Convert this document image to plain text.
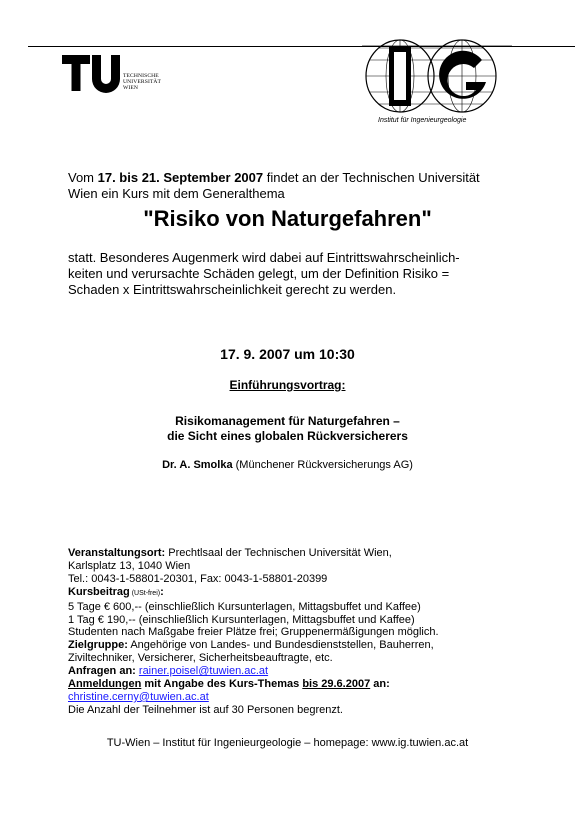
TECHNISCHE
UNIVERSITÄT
WIEN
Institut für Ingenieurgeologie
Vom 17. bis 21. September 2007 findet an der Technischen Universität
Wien ein Kurs mit dem Generalthema
"Risiko von Naturgefahren"
statt. Besonderes Augenmerk wird dabei auf Eintrittswahrscheinlich-
keiten und verursachte Schäden gelegt, um der Definition Risiko =
Schaden x Eintrittswahrscheinlichkeit gerecht zu werden.
17. 9. 2007 um 10:30
Einführungsvortrag:
Risikomanagement für Naturgefahren –
die Sicht eines globalen Rückversicherers
Dr. A. Smolka (Münchener Rückversicherungs AG)
Veranstaltungsort: Prechtlsaal der Technischen Universität Wien,
Karlsplatz 13, 1040 Wien
Tel.: 0043-1-58801-20301, Fax: 0043-1-58801-20399
Kursbeitrag (USt-frei):
5 Tage € 600,-- (einschließlich Kursunterlagen, Mittagsbuffet und Kaffee)
1 Tag € 190,-- (einschließlich Kursunterlagen, Mittagsbuffet und Kaffee)
Studenten nach Maßgabe freier Plätze frei; Gruppenermäßigungen möglich.
Zielgruppe: Angehörige von Landes- und Bundesdienststellen, Bauherren,
Ziviltechniker, Versicherer, Sicherheitsbeauftragte, etc.
Anfragen an: rainer.poisel@tuwien.ac.at
Anmeldungen mit Angabe des Kurs-Themas bis 29.6.2007 an:
christine.cerny@tuwien.ac.at
Die Anzahl der Teilnehmer ist auf 30 Personen begrenzt.
TU-Wien – Institut für Ingenieurgeologie – homepage: www.ig.tuwien.ac.at
